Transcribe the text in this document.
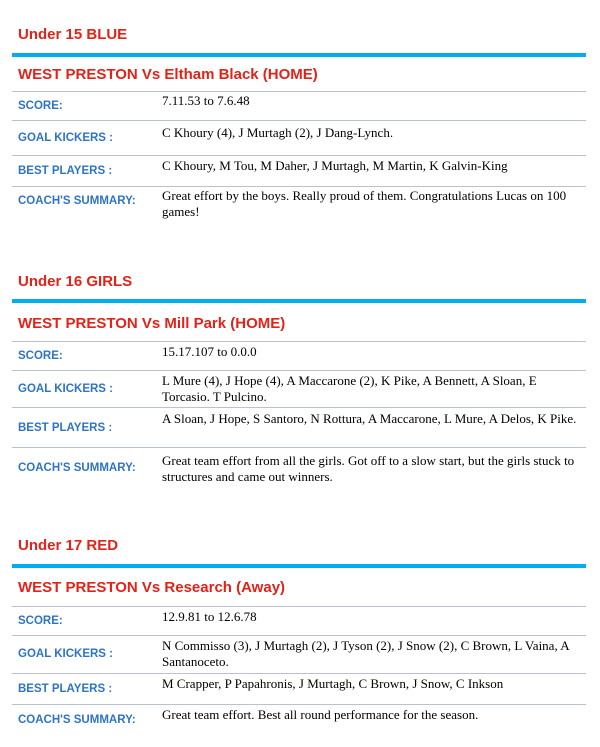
Under 15 BLUE
WEST PRESTON Vs Eltham Black (HOME)
SCORE:	7.11.53 to 7.6.48
GOAL KICKERS :	C Khoury (4), J Murtagh (2), J Dang-Lynch.
BEST PLAYERS :	C Khoury, M Tou, M Daher, J Murtagh, M Martin, K Galvin-King
COACH'S SUMMARY:	Great effort by the boys. Really proud of them. Congratulations Lucas on 100 games!
Under 16 GIRLS
WEST PRESTON Vs Mill Park (HOME)
SCORE:	15.17.107 to 0.0.0
GOAL KICKERS :
L Mure (4), J Hope (4), A Maccarone (2), K Pike, A Bennett, A Sloan, E Torcasio. T Pulcino.
BEST PLAYERS :
A Sloan, J Hope, S Santoro, N Rottura, A Maccarone, L Mure, A Delos, K Pike.
COACH'S SUMMARY:	Great team effort from all the girls. Got off to a slow start, but the girls stuck to structures and came out winners.
Under 17 RED
WEST PRESTON Vs Research (Away)
SCORE:	12.9.81 to 12.6.78
GOAL KICKERS :
N Commisso (3), J Murtagh (2), J Tyson (2), J Snow (2), C Brown, L Vaina, A Santanoceto.
BEST PLAYERS :	M Crapper, P Papahronis, J Murtagh, C Brown, J Snow, C Inkson
COACH'S SUMMARY:	Great team effort. Best all round performance for the season.
